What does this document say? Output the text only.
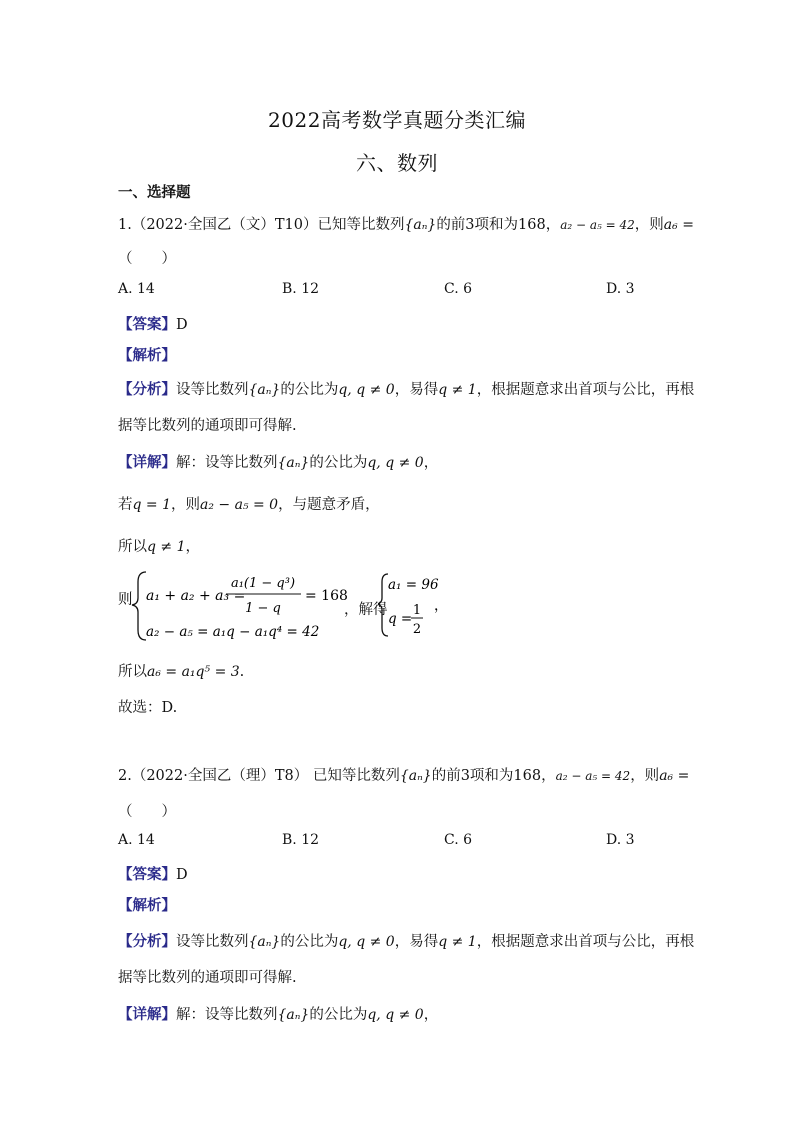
2022高考数学真题分类汇编
六、数列
一、选择题
1.（2022·全国乙（文）T10）已知等比数列{aₙ}的前3项和为168，a₂ − a₅ = 42，则a₆ =
（　　）
A. 14	B. 12	C. 6	D. 3
【答案】D
【解析】
【分析】设等比数列{aₙ}的公比为q, q ≠ 0，易得q ≠ 1，根据题意求出首项与公比，再根
据等比数列的通项即可得解.
【详解】解：设等比数列{aₙ}的公比为q, q ≠ 0，
若q = 1，则a₂ − a₅ = 0，与题意矛盾，
所以q ≠ 1，
则 a₁ + a₂ + a₃ =
a₁(1 − q³)
1 − q
= 168
a₂ − a₅ = a₁q − a₁q⁴ = 42
，解得
a₁ = 96
q =
1
2
，
所以a₆ = a₁q⁵ = 3.
故选：D.
2.（2022·全国乙（理）T8） 已知等比数列{aₙ}的前3项和为168，a₂ − a₅ = 42，则a₆ =
（　　）
A. 14	B. 12	C. 6	D. 3
【答案】D
【解析】
【分析】设等比数列{aₙ}的公比为q, q ≠ 0，易得q ≠ 1，根据题意求出首项与公比，再根
据等比数列的通项即可得解.
【详解】解：设等比数列{aₙ}的公比为q, q ≠ 0，
